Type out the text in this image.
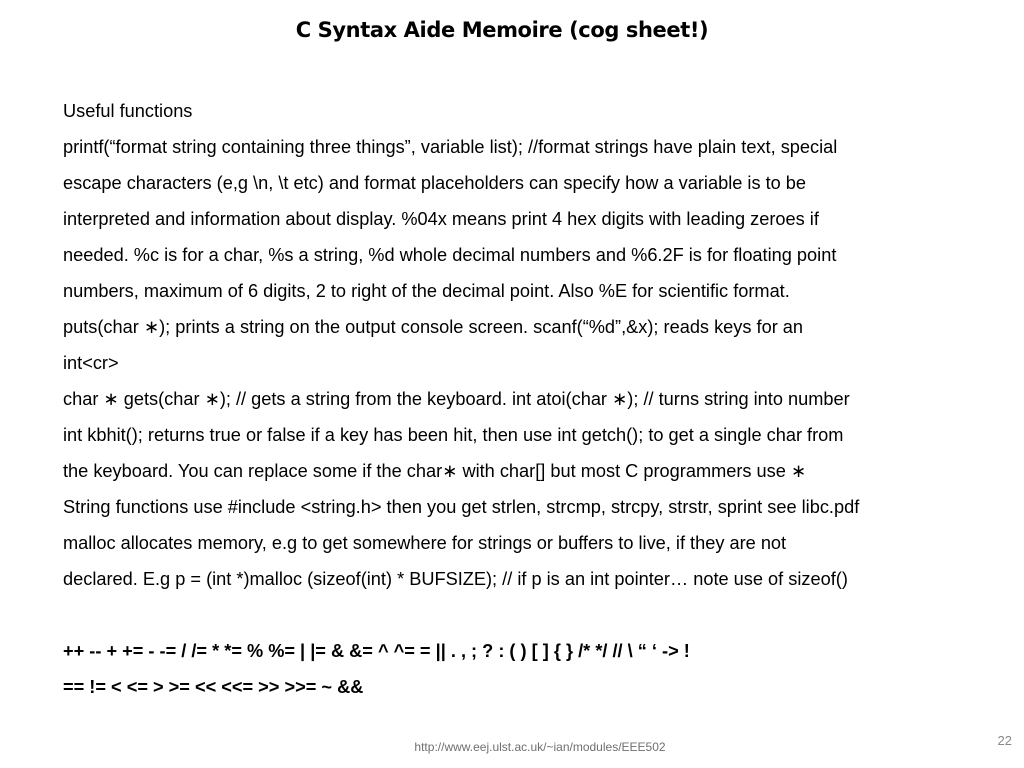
C Syntax Aide Memoire (cog sheet!)
Useful functions
printf(“format string containing three things”, variable list); //format strings have plain text, special
escape characters (e,g \n, \t etc) and format placeholders can specify how a variable is to be
interpreted and information about display. %04x means print 4 hex digits with leading zeroes if
needed. %c is for a char, %s a string, %d whole decimal numbers and %6.2F is for floating point
numbers, maximum of 6 digits, 2 to right of the decimal point. Also %E for scientific format.
puts(char ∗); prints a string on the output console screen. scanf(“%d”,&x); reads keys for an
int<cr>
char ∗ gets(char ∗); // gets a string from the keyboard. int atoi(char ∗); // turns string into number
int kbhit(); returns true or false if a key has been hit, then use int getch(); to get a single char from
the keyboard. You can replace some if the char∗ with char[] but most C programmers use ∗
String functions use #include <string.h> then you get strlen, strcmp, strcpy, strstr, sprint see libc.pdf
malloc allocates memory, e.g to get somewhere for strings or buffers to live, if they are not
declared. E.g p = (int *)malloc (sizeof(int) * BUFSIZE); // if p is an int pointer… note use of sizeof()
++ -- + += - -= / /= * *= % %= | |= & &= ^ ^= = || . , ; ? : ( ) [ ] { } /* */ // \ “ ‘ -> !
== != < <= > >= << <<= >> >>= ~ &&
http://www.eej.ulst.ac.uk/~ian/modules/EEE502	22
